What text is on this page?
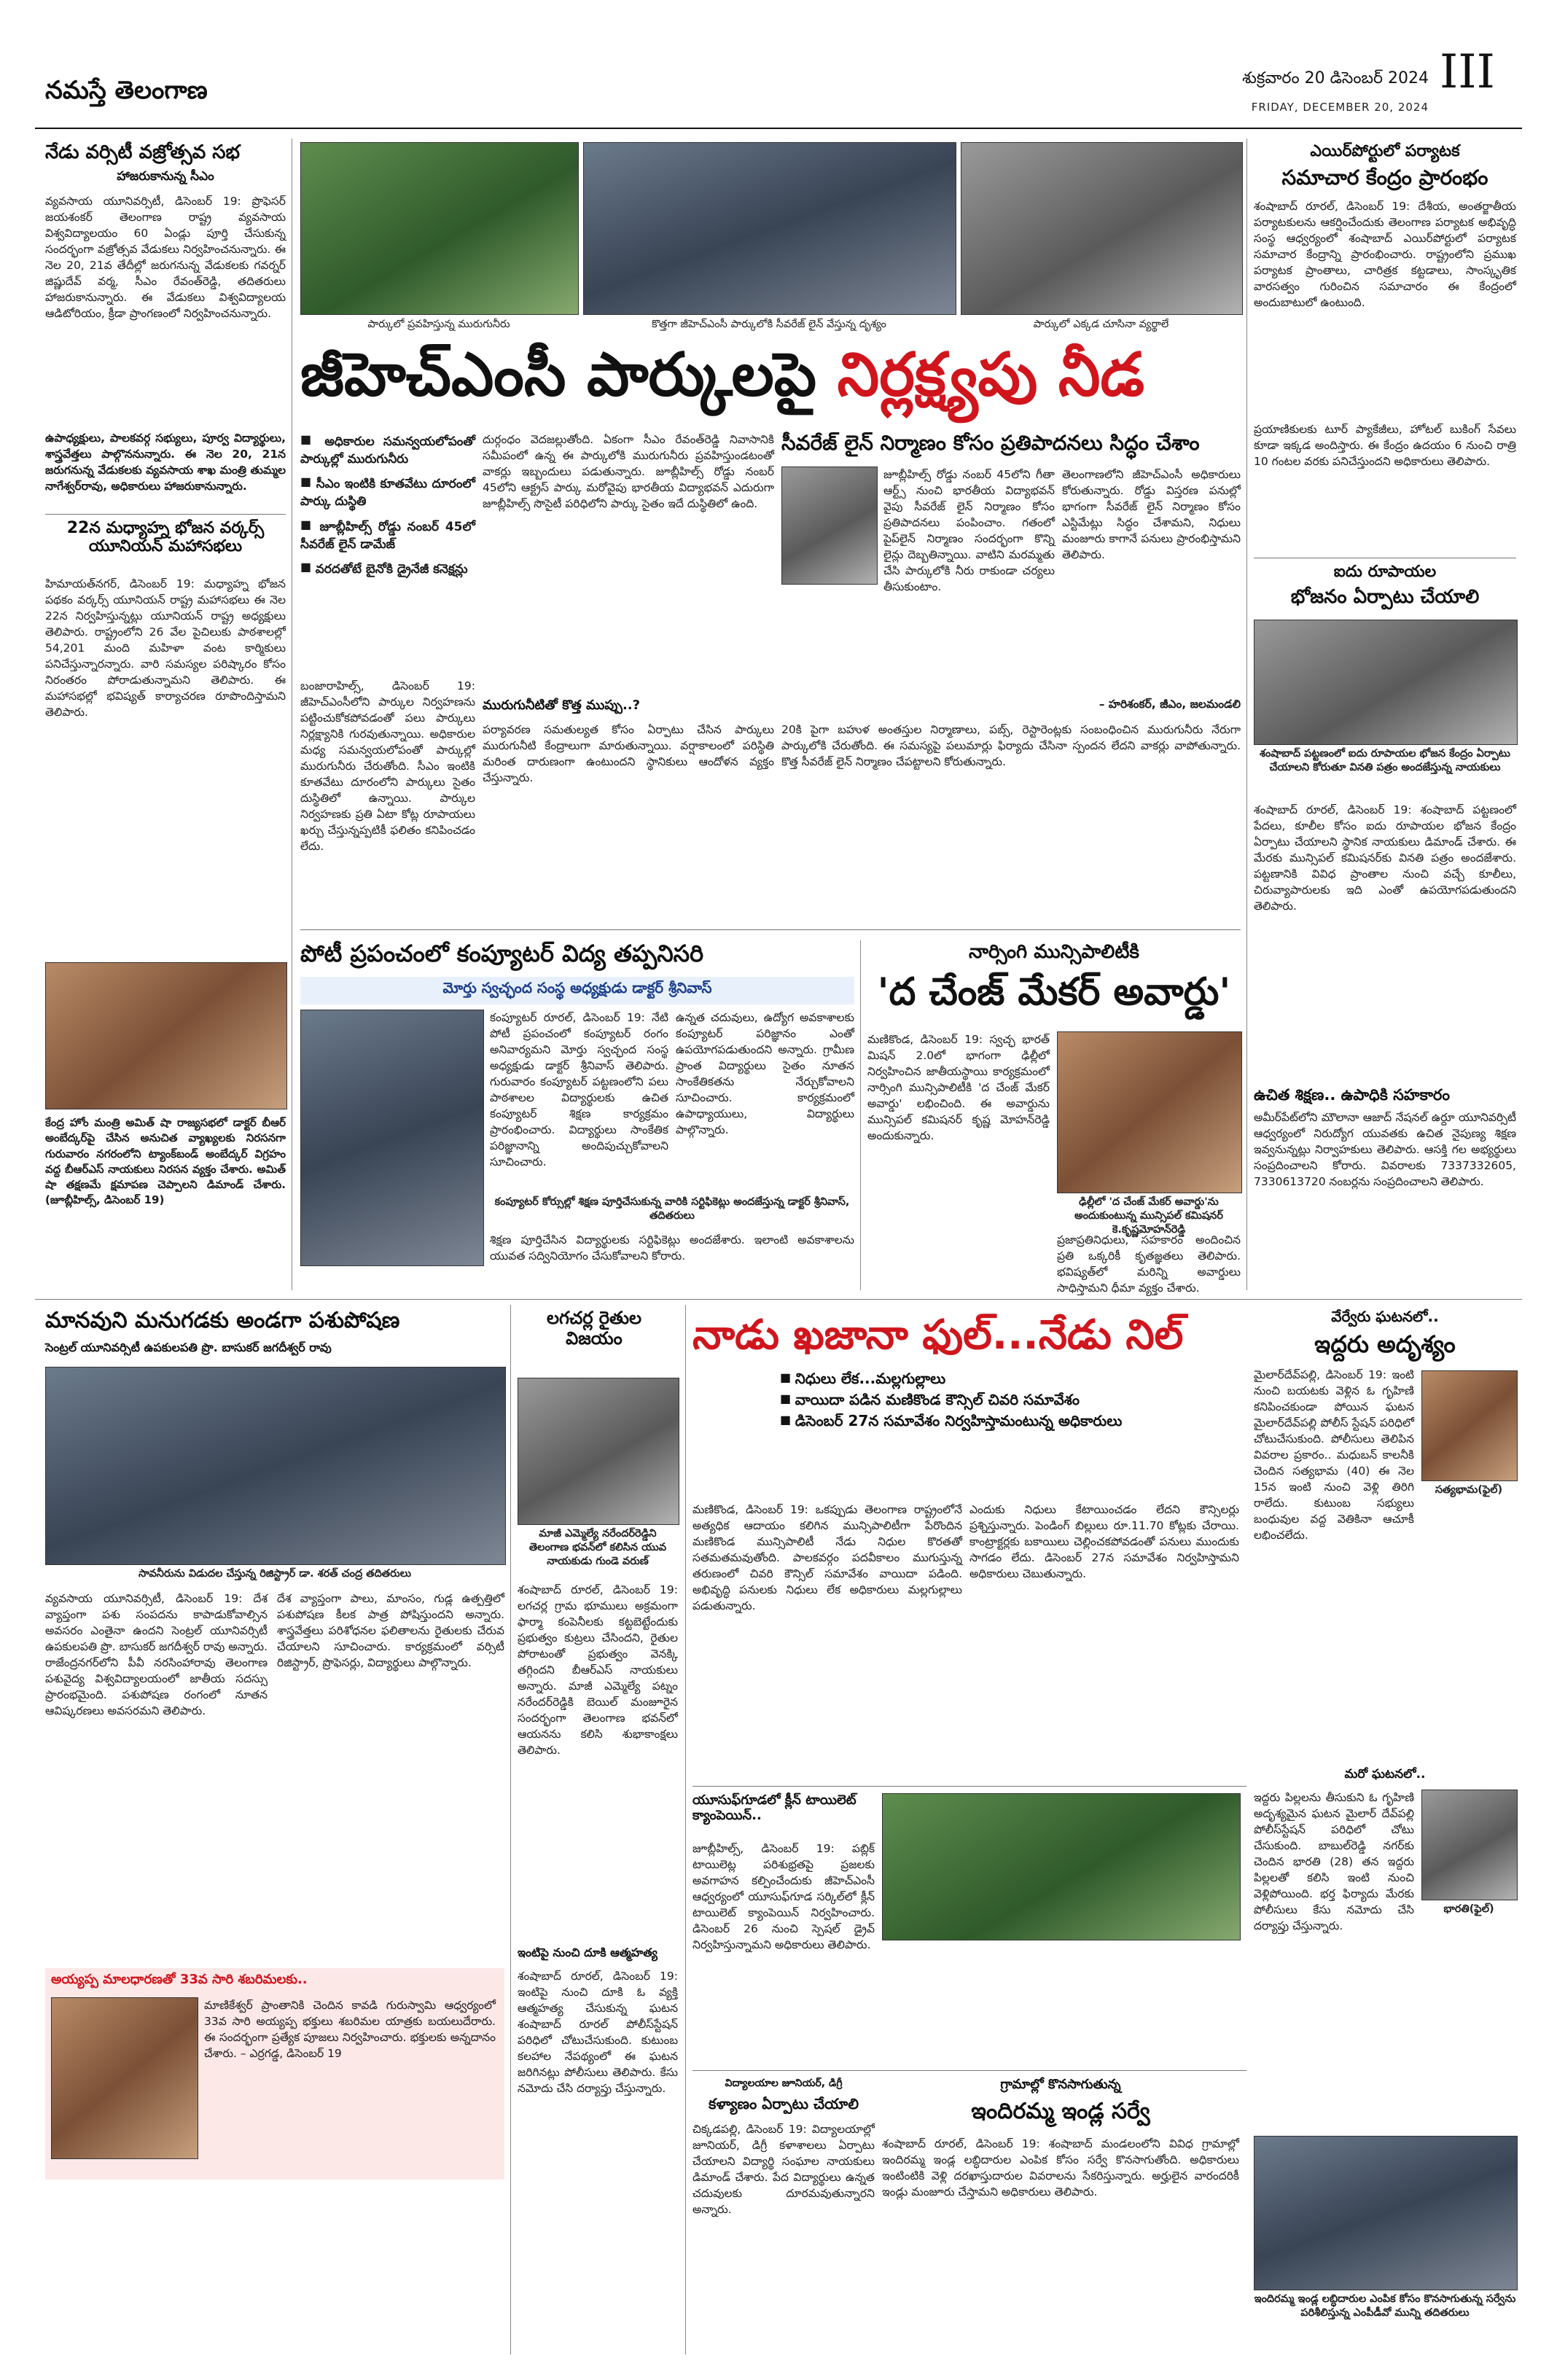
నమస్తే తెలంగాణ	శుక్రవారం 20 డిసెంబర్ 2024
FRIDAY, DECEMBER 20, 2024
III
నేడు వర్సిటీ వజ్రోత్సవ సభ
హాజరుకానున్న సీఎం
వ్యవసాయ యూనివర్సిటీ, డిసెంబర్ 19: ప్రొఫెసర్ జయశంకర్ తెలంగాణ రాష్ట్ర వ్యవసాయ విశ్వవిద్యాలయం 60 ఏండ్లు పూర్తి చేసుకున్న సందర్భంగా వజ్రోత్సవ వేడుకలు నిర్వహించనున్నారు. ఈ నెల 20, 21వ తేదీల్లో జరుగనున్న వేడుకలకు గవర్నర్ జిష్ణుదేవ్ వర్మ, సీఎం రేవంత్‌రెడ్డి, తదితరులు హాజరుకానున్నారు. ఈ వేడుకలు విశ్వవిద్యాలయ ఆడిటోరియం, క్రీడా ప్రాంగణంలో నిర్వహించనున్నారు.
ఉపాధ్యక్షులు, పాలకవర్గ సభ్యులు, పూర్వ విద్యార్థులు, శాస్త్రవేత్తలు పాల్గొననున్నారు. ఈ నెల 20, 21న జరుగనున్న వేడుకలకు వ్యవసాయ శాఖ మంత్రి తుమ్మల నాగేశ్వర్‌రావు, అధికారులు హాజరుకానున్నారు.
22న మధ్యాహ్న భోజన వర్కర్స్ యూనియన్ మహాసభలు
హిమాయత్‌నగర్, డిసెంబర్ 19: మధ్యాహ్న భోజన పథకం వర్కర్స్ యూనియన్ రాష్ట్ర మహాసభలు ఈ నెల 22న నిర్వహిస్తున్నట్లు యూనియన్ రాష్ట్ర అధ్యక్షులు తెలిపారు. రాష్ట్రంలోని 26 వేల పైచిలుకు పాఠశాలల్లో 54,201 మంది మహిళా వంట కార్మికులు పనిచేస్తున్నారన్నారు. వారి సమస్యల పరిష్కారం కోసం నిరంతరం పోరాడుతున్నామని తెలిపారు. ఈ మహాసభల్లో భవిష్యత్ కార్యాచరణ రూపొందిస్తామని తెలిపారు.
కేంద్ర హోం మంత్రి అమిత్ షా రాజ్యసభలో డాక్టర్ బీఆర్ అంబేద్కర్‌పై చేసిన అనుచిత వ్యాఖ్యలకు నిరసనగా గురువారం నగరంలోని ట్యాంక్‌బండ్ అంబేద్కర్ విగ్రహం వద్ద బీఆర్ఎస్ నాయకులు నిరసన వ్యక్తం చేశారు. అమిత్ షా తక్షణమే క్షమాపణ చెప్పాలని డిమాండ్ చేశారు. (జూబ్లీహిల్స్, డిసెంబర్ 19)
పార్కులో ప్రవహిస్తున్న మురుగునీరు	కొత్తగా జీహెచ్‌ఎంసీ పార్కులోకి సీవరేజ్ లైన్ వేస్తున్న దృశ్యం	పార్కులో ఎక్కడ చూసినా వ్యర్థాలే
జీహెచ్‌ఎంసీ పార్కులపై నిర్లక్ష్యపు నీడ
■ అధికారుల సమన్వయలోపంతో పార్కుల్లో మురుగునీరు
■ సీఎం ఇంటికి కూతవేటు దూరంలో పార్కు దుస్థితి
■ జూబ్లీహిల్స్ రోడ్డు నంబర్ 45లో సీవరేజ్ లైన్ డామేజ్
■ వరదతోటే బైనోకి డ్రైనేజీ కనెక్షన్లు
బంజారాహిల్స్, డిసెంబర్ 19: జీహెచ్‌ఎంసీలోని పార్కుల నిర్వహణను పట్టించుకోకపోవడంతో పలు పార్కులు నిర్లక్ష్యానికి గురవుతున్నాయి. అధికారుల మధ్య సమన్వయలోపంతో పార్కుల్లో మురుగునీరు చేరుతోంది. సీఎం ఇంటికి కూతవేటు దూరంలోని పార్కులు సైతం దుస్థితిలో ఉన్నాయి. పార్కుల నిర్వహణకు ప్రతి ఏటా కోట్ల రూపాయలు ఖర్చు చేస్తున్నప్పటికీ ఫలితం కనిపించడం లేదు.
దుర్గంధం వెదజల్లుతోంది. ఏకంగా సీఎం రేవంత్‌రెడ్డి నివాసానికి సమీపంలో ఉన్న ఈ పార్కులోకి మురుగునీరు ప్రవహిస్తుండటంతో వాకర్లు ఇబ్బందులు పడుతున్నారు. జూబ్లీహిల్స్ రోడ్డు నంబర్ 45లోని ఆక్ట్రస్ పార్కు మరోవైపు భారతీయ విద్యాభవన్ ఎదురుగా జూబ్లీహిల్స్ సొసైటీ పరిధిలోని పార్కు సైతం ఇదే దుస్థితిలో ఉంది.
మురుగునీటితో కొత్త ముప్పు..?
పర్యావరణ సమతుల్యత కోసం ఏర్పాటు చేసిన పార్కులు మురుగునీటి కేంద్రాలుగా మారుతున్నాయి. వర్షాకాలంలో పరిస్థితి మరింత దారుణంగా ఉంటుందని స్థానికులు ఆందోళన వ్యక్తం చేస్తున్నారు.
సీవరేజ్ లైన్ నిర్మాణం కోసం ప్రతిపాదనలు సిద్ధం చేశాం
జూబ్లీహిల్స్ రోడ్డు నంబర్ 45లోని గీతా ఆర్ట్స్ నుంచి భారతీయ విద్యాభవన్ వైపు సీవరేజ్ లైన్ నిర్మాణం కోసం ప్రతిపాదనలు పంపించాం. గతంలో పైప్‌లైన్ నిర్మాణం సందర్భంగా కొన్ని లైన్లు దెబ్బతిన్నాయి. వాటిని మరమ్మతు చేసి పార్కులోకి నీరు రాకుండా చర్యలు తీసుకుంటాం.
తెలంగాణలోని జీహెచ్‌ఎంసీ అధికారులు కోరుతున్నారు. రోడ్డు విస్తరణ పనుల్లో భాగంగా సీవరేజ్ లైన్ నిర్మాణం కోసం ఎస్టిమేట్లు సిద్ధం చేశామని, నిధులు మంజూరు కాగానే పనులు ప్రారంభిస్తామని తెలిపారు.
– హరిశంకర్, జీఎం, జలమండలి
20కి పైగా బహుళ అంతస్తుల నిర్మాణాలు, పబ్స్, రెస్టారెంట్లకు సంబంధించిన మురుగునీరు నేరుగా పార్కులోకి చేరుతోంది. ఈ సమస్యపై పలుమార్లు ఫిర్యాదు చేసినా స్పందన లేదని వాకర్లు వాపోతున్నారు. కొత్త సీవరేజ్ లైన్ నిర్మాణం చేపట్టాలని కోరుతున్నారు.
పోటీ ప్రపంచంలో కంప్యూటర్ విద్య తప్పనిసరి
మోర్తు స్వచ్ఛంద సంస్థ అధ్యక్షుడు డాక్టర్ శ్రీనివాస్
కంప్యూటర్ రూరల్, డిసెంబర్ 19: నేటి పోటీ ప్రపంచంలో కంప్యూటర్ రంగం అనివార్యమని మోర్తు స్వచ్ఛంద సంస్థ అధ్యక్షుడు డాక్టర్ శ్రీనివాస్ తెలిపారు. గురువారం కంప్యూటర్ పట్టణంలోని పలు పాఠశాలల విద్యార్థులకు ఉచిత కంప్యూటర్ శిక్షణ కార్యక్రమం ప్రారంభించారు. విద్యార్థులు సాంకేతిక పరిజ్ఞానాన్ని అందిపుచ్చుకోవాలని సూచించారు.
ఉన్నత చదువులు, ఉద్యోగ అవకాశాలకు కంప్యూటర్ పరిజ్ఞానం ఎంతో ఉపయోగపడుతుందని అన్నారు. గ్రామీణ ప్రాంత విద్యార్థులు సైతం నూతన సాంకేతికతను నేర్చుకోవాలని సూచించారు. కార్యక్రమంలో ఉపాధ్యాయులు, విద్యార్థులు పాల్గొన్నారు.
కంప్యూటర్ కోర్సుల్లో శిక్షణ పూర్తిచేసుకున్న వారికి సర్టిఫికెట్లు అందజేస్తున్న డాక్టర్ శ్రీనివాస్, తదితరులు
శిక్షణ పూర్తిచేసిన విద్యార్థులకు సర్టిఫికెట్లు అందజేశారు. ఇలాంటి అవకాశాలను యువత సద్వినియోగం చేసుకోవాలని కోరారు.
నార్సింగి మున్సిపాలిటీకి
'ద చేంజ్ మేకర్ అవార్డు'
మణికొండ, డిసెంబర్ 19: స్వచ్ఛ భారత్ మిషన్ 2.0లో భాగంగా ఢిల్లీలో నిర్వహించిన జాతీయస్థాయి కార్యక్రమంలో నార్సింగి మున్సిపాలిటీకి 'ద చేంజ్ మేకర్ అవార్డు' లభించింది. ఈ అవార్డును మున్సిపల్ కమిషనర్ కృష్ణ మోహన్‌రెడ్డి అందుకున్నారు.
ఢిల్లీలో 'ద చేంజ్ మేకర్ అవార్డు'ను అందుకుంటున్న మున్సిపల్ కమిషనర్ కె.కృష్ణమోహన్‌రెడ్డి
ప్రజాప్రతినిధులు, సహకారం అందించిన ప్రతి ఒక్కరికీ కృతజ్ఞతలు తెలిపారు. భవిష్యత్‌లో మరిన్ని అవార్డులు సాధిస్తామని ధీమా వ్యక్తం చేశారు.
ఎయిర్‌పోర్టులో పర్యాటక
సమాచార కేంద్రం ప్రారంభం
శంషాబాద్ రూరల్, డిసెంబర్ 19: దేశీయ, అంతర్జాతీయ పర్యాటకులను ఆకర్షించేందుకు తెలంగాణ పర్యాటక అభివృద్ధి సంస్థ ఆధ్వర్యంలో శంషాబాద్ ఎయిర్‌పోర్టులో పర్యాటక సమాచార కేంద్రాన్ని ప్రారంభించారు. రాష్ట్రంలోని ప్రముఖ పర్యాటక ప్రాంతాలు, చారిత్రక కట్టడాలు, సాంస్కృతిక వారసత్వం గురించిన సమాచారం ఈ కేంద్రంలో అందుబాటులో ఉంటుంది.
ప్రయాణికులకు టూర్ ప్యాకేజీలు, హోటల్ బుకింగ్ సేవలు కూడా ఇక్కడ అందిస్తారు. ఈ కేంద్రం ఉదయం 6 నుంచి రాత్రి 10 గంటల వరకు పనిచేస్తుందని అధికారులు తెలిపారు.
ఐదు రూపాయల
భోజనం ఏర్పాటు చేయాలి
శంషాబాద్ పట్టణంలో ఐదు రూపాయల భోజన కేంద్రం ఏర్పాటు చేయాలని కోరుతూ వినతి పత్రం అందజేస్తున్న నాయకులు
శంషాబాద్ రూరల్, డిసెంబర్ 19: శంషాబాద్ పట్టణంలో పేదలు, కూలీల కోసం ఐదు రూపాయల భోజన కేంద్రం ఏర్పాటు చేయాలని స్థానిక నాయకులు డిమాండ్ చేశారు. ఈ మేరకు మున్సిపల్ కమిషనర్‌కు వినతి పత్రం అందజేశారు. పట్టణానికి వివిధ ప్రాంతాల నుంచి వచ్చే కూలీలు, చిరువ్యాపారులకు ఇది ఎంతో ఉపయోగపడుతుందని తెలిపారు.
ఉచిత శిక్షణ.. ఉపాధికి సహకారం
అమీర్‌పేట్‌లోని మౌలానా ఆజాద్ నేషనల్ ఉర్దూ యూనివర్సిటీ ఆధ్వర్యంలో నిరుద్యోగ యువతకు ఉచిత నైపుణ్య శిక్షణ ఇవ్వనున్నట్లు నిర్వాహకులు తెలిపారు. ఆసక్తి గల అభ్యర్థులు సంప్రదించాలని కోరారు. వివరాలకు 7337332605, 7330613720 నంబర్లను సంప్రదించాలని తెలిపారు.
మానవుని మనుగడకు అండగా పశుపోషణ
సెంట్రల్ యూనివర్సిటీ ఉపకులపతి ప్రొ. బాసుకర్ జగదీశ్వర్ రావు
సావనీరును విడుదల చేస్తున్న రిజిస్ట్రార్ డా. శరత్ చంద్ర తదితరులు
వ్యవసాయ యూనివర్సిటీ, డిసెంబర్ 19: దేశ వ్యాప్తంగా పశు సంపదను కాపాడుకోవాల్సిన అవసరం ఎంతైనా ఉందని సెంట్రల్ యూనివర్సిటీ ఉపకులపతి ప్రొ. బాసుకర్ జగదీశ్వర్ రావు అన్నారు. రాజేంద్రనగర్‌లోని పీవీ నరసింహారావు తెలంగాణ పశువైద్య విశ్వవిద్యాలయంలో జాతీయ సదస్సు ప్రారంభమైంది. పశుపోషణ రంగంలో నూతన ఆవిష్కరణలు అవసరమని తెలిపారు.
దేశ వ్యాప్తంగా పాలు, మాంసం, గుడ్ల ఉత్పత్తిలో పశుపోషణ కీలక పాత్ర పోషిస్తుందని అన్నారు. శాస్త్రవేత్తలు పరిశోధనల ఫలితాలను రైతులకు చేరువ చేయాలని సూచించారు. కార్యక్రమంలో వర్సిటీ రిజిస్ట్రార్, ప్రొఫెసర్లు, విద్యార్థులు పాల్గొన్నారు.
అయ్యప్ప మాలధారణతో 33వ సారి శబరిమలకు..
మాణికేశ్వర్ ప్రాంతానికి చెందిన కావడి గురుస్వామి ఆధ్వర్యంలో 33వ సారి అయ్యప్ప భక్తులు శబరిమల యాత్రకు బయలుదేరారు. ఈ సందర్భంగా ప్రత్యేక పూజలు నిర్వహించారు. భక్తులకు అన్నదానం చేశారు. – ఎర్రగడ్డ, డిసెంబర్ 19
లగచర్ల రైతుల విజయం
మాజీ ఎమ్మెల్యే నరేందర్‌రెడ్డిని తెలంగాణ భవన్‌లో కలిసిన యువ నాయకుడు గుండె వరుణ్
శంషాబాద్ రూరల్, డిసెంబర్ 19: లగచర్ల గ్రామ భూములు అక్రమంగా ఫార్మా కంపెనీలకు కట్టబెట్టేందుకు ప్రభుత్వం కుట్రలు చేసిందని, రైతుల పోరాటంతో ప్రభుత్వం వెనక్కి తగ్గిందని బీఆర్ఎస్ నాయకులు అన్నారు. మాజీ ఎమ్మెల్యే పట్నం నరేందర్‌రెడ్డికి బెయిల్ మంజూరైన సందర్భంగా తెలంగాణ భవన్‌లో ఆయనను కలిసి శుభాకాంక్షలు తెలిపారు.
ఇంటిపై నుంచి దూకి ఆత్మహత్య
శంషాబాద్ రూరల్, డిసెంబర్ 19: ఇంటిపై నుంచి దూకి ఓ వ్యక్తి ఆత్మహత్య చేసుకున్న ఘటన శంషాబాద్ రూరల్ పోలీస్‌స్టేషన్ పరిధిలో చోటుచేసుకుంది. కుటుంబ కలహాల నేపథ్యంలో ఈ ఘటన జరిగినట్లు పోలీసులు తెలిపారు. కేసు నమోదు చేసి దర్యాప్తు చేస్తున్నారు.
నాడు ఖజానా ఫుల్...నేడు నిల్
■ నిధులు లేక...మల్లగుల్లాలు
■ వాయిదా పడిన మణికొండ కౌన్సిల్ చివరి సమావేశం
■ డిసెంబర్ 27న సమావేశం నిర్వహిస్తామంటున్న అధికారులు
మణికొండ, డిసెంబర్ 19: ఒకప్పుడు తెలంగాణ రాష్ట్రంలోనే అత్యధిక ఆదాయం కలిగిన మున్సిపాలిటీగా పేరొందిన మణికొండ మున్సిపాలిటీ నేడు నిధుల కొరతతో సతమతమవుతోంది. పాలకవర్గం పదవీకాలం ముగుస్తున్న తరుణంలో చివరి కౌన్సిల్ సమావేశం వాయిదా పడింది. అభివృద్ధి పనులకు నిధులు లేక అధికారులు మల్లగుల్లాలు పడుతున్నారు.
ఎందుకు నిధులు కేటాయించడం లేదని కౌన్సిలర్లు ప్రశ్నిస్తున్నారు. పెండింగ్ బిల్లులు రూ.11.70 కోట్లకు చేరాయి. కాంట్రాక్టర్లకు బకాయిలు చెల్లించకపోవడంతో పనులు ముందుకు సాగడం లేదు. డిసెంబర్ 27న సమావేశం నిర్వహిస్తామని అధికారులు చెబుతున్నారు.
యూసుఫ్‌గూడలో క్లీన్ టాయిలెట్ క్యాంపెయిన్..
జూబ్లీహిల్స్, డిసెంబర్ 19: పబ్లిక్ టాయిలెట్ల పరిశుభ్రతపై ప్రజలకు అవగాహన కల్పించేందుకు జీహెచ్‌ఎంసీ ఆధ్వర్యంలో యూసుఫ్‌గూడ సర్కిల్‌లో క్లీన్ టాయిలెట్ క్యాంపెయిన్ నిర్వహించారు. డిసెంబర్ 26 నుంచి స్పెషల్ డ్రైవ్ నిర్వహిస్తున్నామని అధికారులు తెలిపారు.
విద్యాలయాల జూనియర్, డిగ్రీ
కళ్యాణం ఏర్పాటు చేయాలి
చిక్కడపల్లి, డిసెంబర్ 19: విద్యాలయాల్లో జూనియర్, డిగ్రీ కళాశాలలు ఏర్పాటు చేయాలని విద్యార్థి సంఘాల నాయకులు డిమాండ్ చేశారు. పేద విద్యార్థులు ఉన్నత చదువులకు దూరమవుతున్నారని అన్నారు.
గ్రామాల్లో కొనసాగుతున్న
ఇందిరమ్మ ఇండ్ల సర్వే
శంషాబాద్ రూరల్, డిసెంబర్ 19: శంషాబాద్ మండలంలోని వివిధ గ్రామాల్లో ఇందిరమ్మ ఇండ్ల లబ్ధిదారుల ఎంపిక కోసం సర్వే కొనసాగుతోంది. అధికారులు ఇంటింటికి వెళ్లి దరఖాస్తుదారుల వివరాలను సేకరిస్తున్నారు. అర్హులైన వారందరికీ ఇండ్లు మంజూరు చేస్తామని అధికారులు తెలిపారు.
వేర్వేరు ఘటనలో..
ఇద్దరు అదృశ్యం
మైలార్‌దేవ్‌పల్లి, డిసెంబర్ 19: ఇంటి నుంచి బయటకు వెళ్లిన ఓ గృహిణి కనిపించకుండా పోయిన ఘటన మైలార్‌దేవ్‌పల్లి పోలీస్ స్టేషన్ పరిధిలో చోటుచేసుకుంది. పోలీసులు తెలిపిన వివరాల ప్రకారం.. మధుబన్ కాలనీకి చెందిన సత్యభామ (40) ఈ నెల 15న ఇంటి నుంచి వెళ్లి తిరిగి రాలేదు. కుటుంబ సభ్యులు బంధువుల వద్ద వెతికినా ఆచూకీ లభించలేదు.
సత్యభామ(ఫైల్)
మరో ఘటనలో..
ఇద్దరు పిల్లలను తీసుకుని ఓ గృహిణి అదృశ్యమైన ఘటన మైలార్ దేవ్‌పల్లి పోలీస్‌స్టేషన్ పరిధిలో చోటు చేసుకుంది. బాబుల్‌రెడ్డి నగర్‌కు చెందిన భారతి (28) తన ఇద్దరు పిల్లలతో కలిసి ఇంటి నుంచి వెళ్లిపోయింది. భర్త ఫిర్యాదు మేరకు పోలీసులు కేసు నమోదు చేసి దర్యాప్తు చేస్తున్నారు.
భారతి(ఫైల్)
ఇందిరమ్మ ఇండ్ల లబ్ధిదారుల ఎంపిక కోసం కొనసాగుతున్న సర్వేను పరిశీలిస్తున్న ఎంపీడీవో మున్ని తదితరులు
